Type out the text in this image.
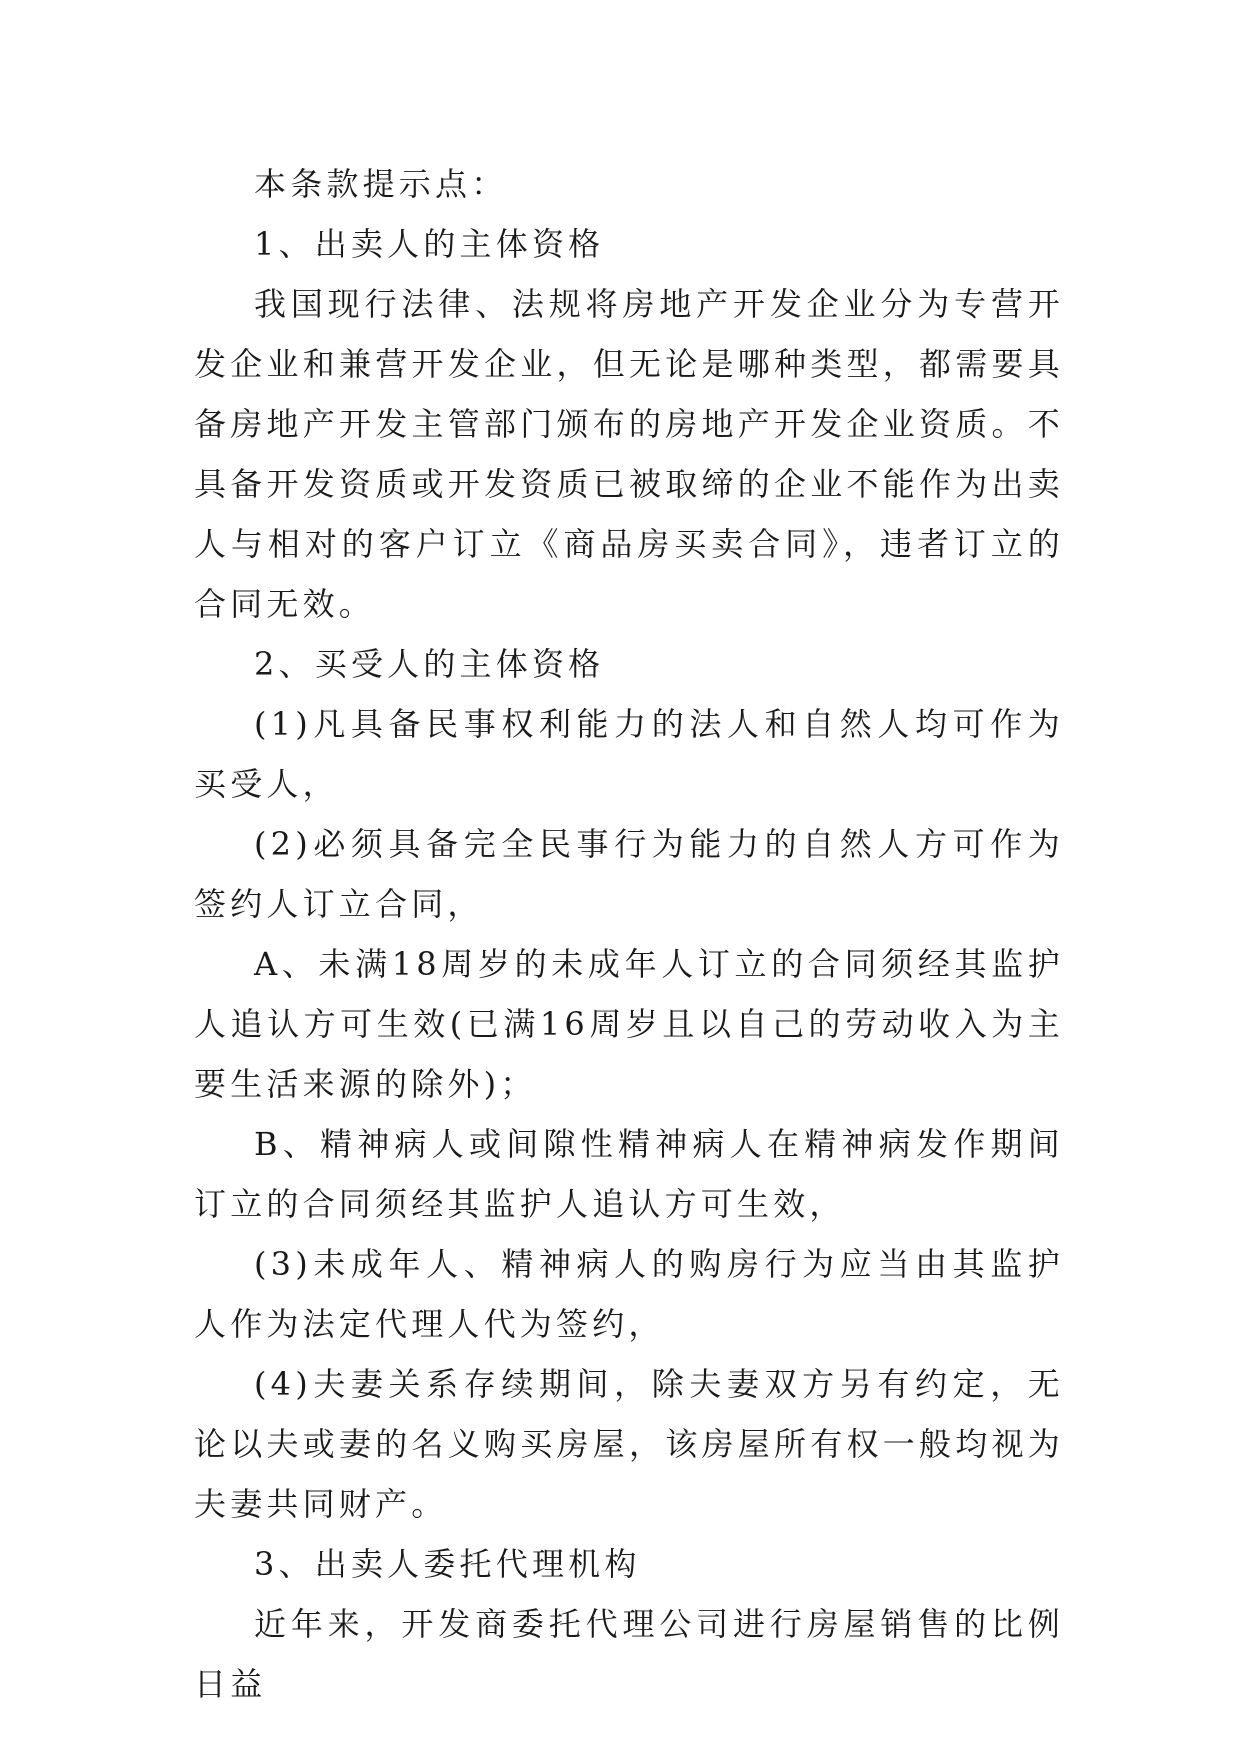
本条款提示点：

1、出卖人的主体资格

我国现行法律、法规将房地产开发企业分为专营开发企业和兼营开发企业，但无论是哪种类型，都需要具备房地产开发主管部门颁布的房地产开发企业资质。不具备开发资质或开发资质已被取缔的企业不能作为出卖人与相对的客户订立《商品房买卖合同》，违者订立的合同无效。

2、买受人的主体资格

(1)凡具备民事权利能力的法人和自然人均可作为买受人，

(2)必须具备完全民事行为能力的自然人方可作为签约人订立合同，

A、未满18周岁的未成年人订立的合同须经其监护人追认方可生效(已满16周岁且以自己的劳动收入为主要生活来源的除外)；

B、精神病人或间隙性精神病人在精神病发作期间订立的合同须经其监护人追认方可生效，

(3)未成年人、精神病人的购房行为应当由其监护人作为法定代理人代为签约，

(4)夫妻关系存续期间，除夫妻双方另有约定，无论以夫或妻的名义购买房屋，该房屋所有权一般均视为夫妻共同财产。

3、出卖人委托代理机构

近年来，开发商委托代理公司进行房屋销售的比例日益
